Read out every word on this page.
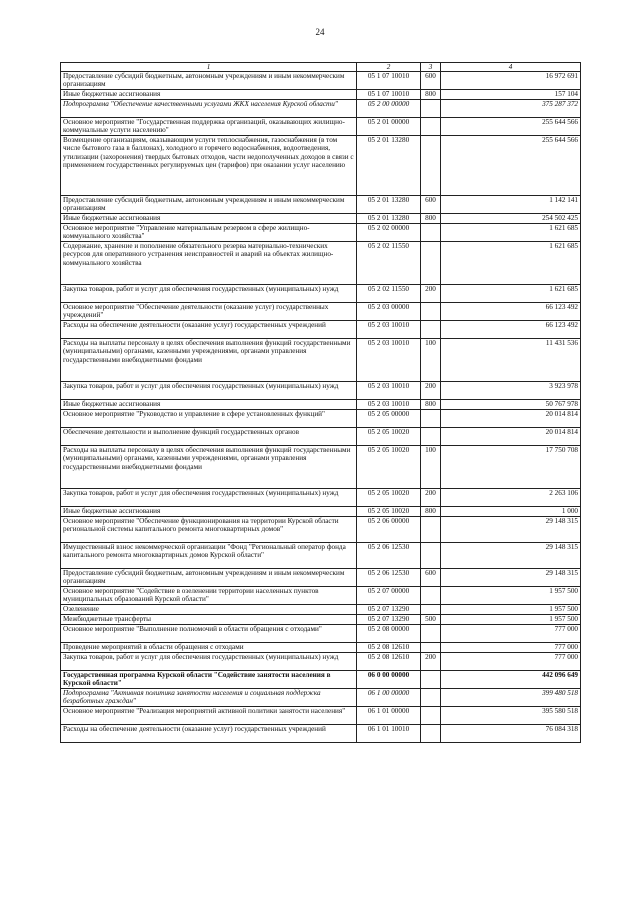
24
1	2	3	4
Предоставление субсидий бюджетным, автономным учреждениям и иным некоммерческим организациям	05 1 07 10010	600	16 972 691
Иные бюджетные ассигнования	05 1 07 10010	800	157 104
Подпрограмма "Обеспечение качественными услугами ЖКХ населения Курской области"	05 2 00 00000		375 287 372
Основное мероприятие "Государственная поддержка организаций, оказывающих жилищно-коммунальные услуги населению"	05 2 01 00000		255 644 566
Возмещение организациям, оказывающим услуги теплоснабжения, газоснабжения (в том числе бытового газа в баллонах), холодного и горячего водоснабжения, водоотведения, утилизации (захоронения) твердых бытовых отходов, части недополученных доходов в связи с применением государственных регулируемых цен (тарифов) при оказании услуг населению	05 2 01 13280		255 644 566
Предоставление субсидий бюджетным, автономным учреждениям и иным некоммерческим организациям	05 2 01 13280	600	1 142 141
Иные бюджетные ассигнования	05 2 01 13280	800	254 502 425
Основное мероприятие "Управление материальным резервом в сфере жилищно-коммунального хозяйства"	05 2 02 00000		1 621 685
Содержание, хранение и пополнение обязательного резерва материально-технических ресурсов для оперативного устранения неисправностей и аварий на объектах жилищно-коммунального хозяйства	05 2 02 11550		1 621 685
Закупка товаров, работ и услуг для обеспечения государственных (муниципальных) нужд	05 2 02 11550	200	1 621 685
Основное мероприятие "Обеспечение деятельности (оказание услуг) государственных учреждений"	05 2 03 00000		66 123 492
Расходы на обеспечение деятельности (оказание услуг) государственных учреждений	05 2 03 10010		66 123 492
Расходы на выплаты персоналу в целях обеспечения выполнения функций государственными (муниципальными) органами, казенными учреждениями, органами управления государственными внебюджетными фондами	05 2 03 10010	100	11 431 536
Закупка товаров, работ и услуг для обеспечения государственных (муниципальных) нужд	05 2 03 10010	200	3 923 978
Иные бюджетные ассигнования	05 2 03 10010	800	50 767 978
Основное мероприятие "Руководство и управление в сфере установленных функций"	05 2 05 00000		20 014 814
Обеспечение деятельности и выполнение функций государственных органов	05 2 05 10020		20 014 814
Расходы на выплаты персоналу в целях обеспечения выполнения функций государственными (муниципальными) органами, казенными учреждениями, органами управления государственными внебюджетными фондами	05 2 05 10020	100	17 750 708
Закупка товаров, работ и услуг для обеспечения государственных (муниципальных) нужд	05 2 05 10020	200	2 263 106
Иные бюджетные ассигнования	05 2 05 10020	800	1 000
Основное мероприятие "Обеспечение функционирования на территории Курской области региональной системы капитального ремонта многоквартирных домов"	05 2 06 00000		29 148 315
Имущественный взнос некоммерческой организации "Фонд "Региональный оператор фонда капитального ремонта многоквартирных домов Курской области"	05 2 06 12530		29 148 315
Предоставление субсидий бюджетным, автономным учреждениям и иным некоммерческим организациям	05 2 06 12530	600	29 148 315
Основное мероприятие "Содействие в озеленении территории населенных пунктов муниципальных образований Курской области"	05 2 07 00000		1 957 500
Озеленение	05 2 07 13290		1 957 500
Межбюджетные трансферты	05 2 07 13290	500	1 957 500
Основное мероприятие "Выполнение полномочий в области обращения с отходами"	05 2 08 00000		777 000
Проведение мероприятий в области обращения с отходами	05 2 08 12610		777 000
Закупка товаров, работ и услуг для обеспечения государственных (муниципальных) нужд	05 2 08 12610	200	777 000
Государственная программа Курской области "Содействие занятости населения в Курской области"	06 0 00 00000		442 096 649
Подпрограмма "Активная политика занятости населения и социальная поддержка безработных граждан"	06 1 00 00000		399 480 518
Основное мероприятие "Реализация мероприятий активной политики занятости населения"	06 1 01 00000		395 580 518
Расходы на обеспечение деятельности (оказание услуг) государственных учреждений	06 1 01 10010		76 084 318
